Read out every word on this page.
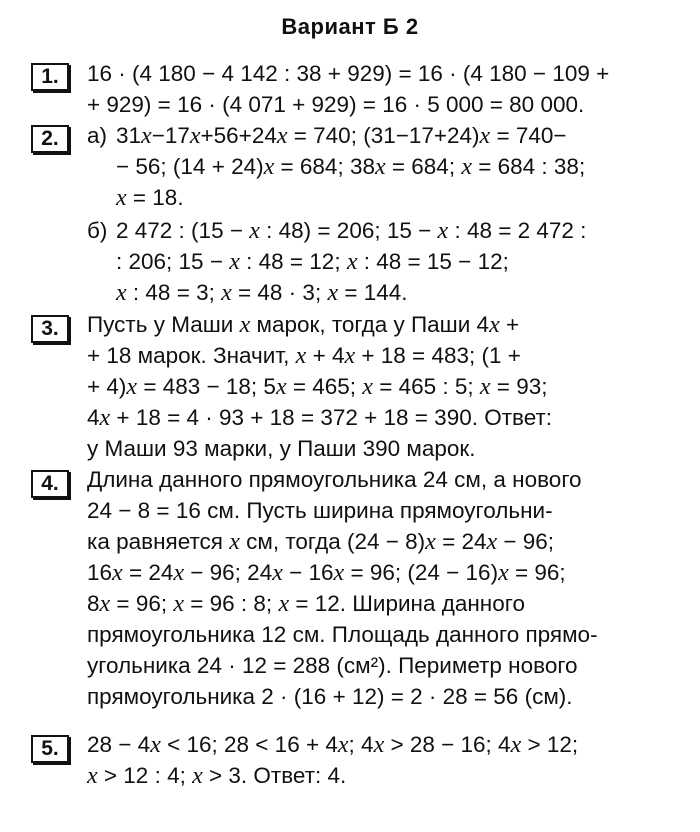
Вариант Б 2
1.	16 · (4 180 − 4 142 : 38 + 929) = 16 · (4 180 − 109 +
+ 929) = 16 · (4 071 + 929) = 16 · 5 000 = 80 000.
2.	а) 31x−17x+56+24x = 740; (31−17+24)x = 740−
− 56; (14 + 24)x = 684; 38x = 684; x = 684 : 38;
x = 18.
б) 2 472 : (15 − x : 48) = 206; 15 − x : 48 = 2 472 :
: 206; 15 − x : 48 = 12; x : 48 = 15 − 12;
x : 48 = 3; x = 48 · 3; x = 144.
3.	Пусть у Маши x марок, тогда у Паши 4x +
+ 18 марок. Значит, x + 4x + 18 = 483; (1 +
+ 4)x = 483 − 18; 5x = 465; x = 465 : 5; x = 93;
4x + 18 = 4 · 93 + 18 = 372 + 18 = 390. Ответ:
у Маши 93 марки, у Паши 390 марок.
4.	Длина данного прямоугольника 24 см, а нового
24 − 8 = 16 см. Пусть ширина прямоугольни-
ка равняется x см, тогда (24 − 8)x = 24x − 96;
16x = 24x − 96; 24x − 16x = 96; (24 − 16)x = 96;
8x = 96; x = 96 : 8; x = 12. Ширина данного
прямоугольника 12 см. Площадь данного прямо-
угольника 24 · 12 = 288 (см²). Периметр нового
прямоугольника 2 · (16 + 12) = 2 · 28 = 56 (см).
5.	28 − 4x < 16; 28 < 16 + 4x; 4x > 28 − 16; 4x > 12;
x > 12 : 4; x > 3. Ответ: 4.
